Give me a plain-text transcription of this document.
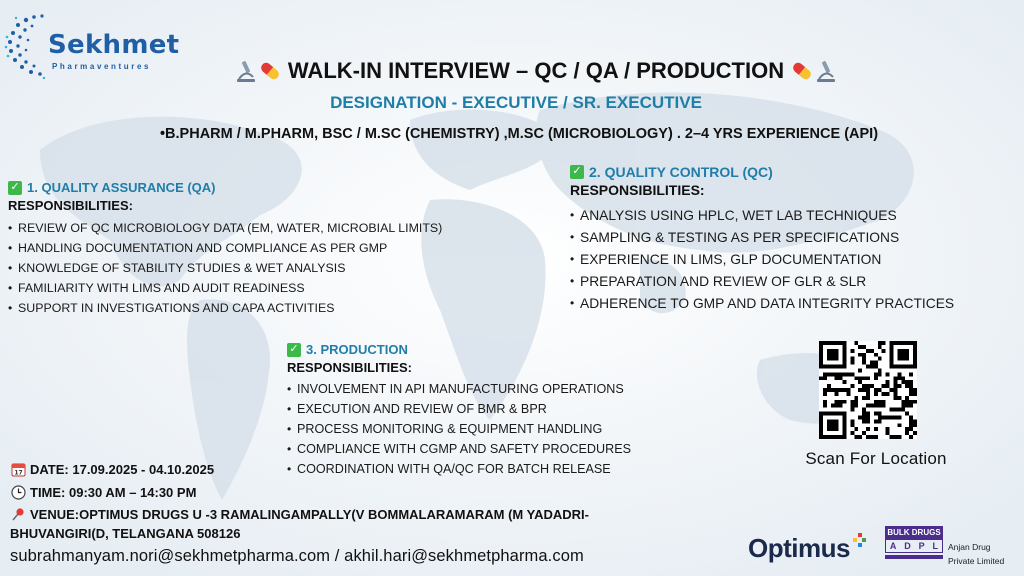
Sekhmet
Pharmaventures	WALK-IN INTERVIEW – QC / QA / PRODUCTION
DESIGNATION - EXECUTIVE / SR. EXECUTIVE
•B.PHARM / M.PHARM, BSC / M.SC (CHEMISTRY) ,M.SC (MICROBIOLOGY) . 2–4 YRS EXPERIENCE (API)
✓ 1. QUALITY ASSURANCE (QA)
RESPONSIBILITIES:
• REVIEW OF QC MICROBIOLOGY DATA (EM, WATER, MICROBIAL LIMITS)
• HANDLING DOCUMENTATION AND COMPLIANCE AS PER GMP
• KNOWLEDGE OF STABILITY STUDIES & WET ANALYSIS
• FAMILIARITY WITH LIMS AND AUDIT READINESS
• SUPPORT IN INVESTIGATIONS AND CAPA ACTIVITIES
✓ 2. QUALITY CONTROL (QC)
RESPONSIBILITIES:
• ANALYSIS USING HPLC, WET LAB TECHNIQUES
• SAMPLING & TESTING AS PER SPECIFICATIONS
• EXPERIENCE IN LIMS, GLP DOCUMENTATION
• PREPARATION AND REVIEW OF GLR & SLR
• ADHERENCE TO GMP AND DATA INTEGRITY PRACTICES
✓ 3. PRODUCTION
RESPONSIBILITIES:
• INVOLVEMENT IN API MANUFACTURING OPERATIONS
• EXECUTION AND REVIEW OF BMR & BPR
• PROCESS MONITORING & EQUIPMENT HANDLING
• COMPLIANCE WITH CGMP AND SAFETY PROCEDURES
• COORDINATION WITH QA/QC FOR BATCH RELEASE
Scan For Location
17 DATE: 17.09.2025 - 04.10.2025
TIME: 09:30 AM – 14:30 PM
VENUE:OPTIMUS DRUGS U -3 RAMALINGAMPALLY(V BOMMALARAMARAM (M YADADRI-
BHUVANGIRI(D, TELANGANA 508126
subrahmanyam.nori@sekhmetpharma.com / akhil.hari@sekhmetpharma.com	Optimus	BULK DRUGS
A D P L Anjan Drug
Private Limited
